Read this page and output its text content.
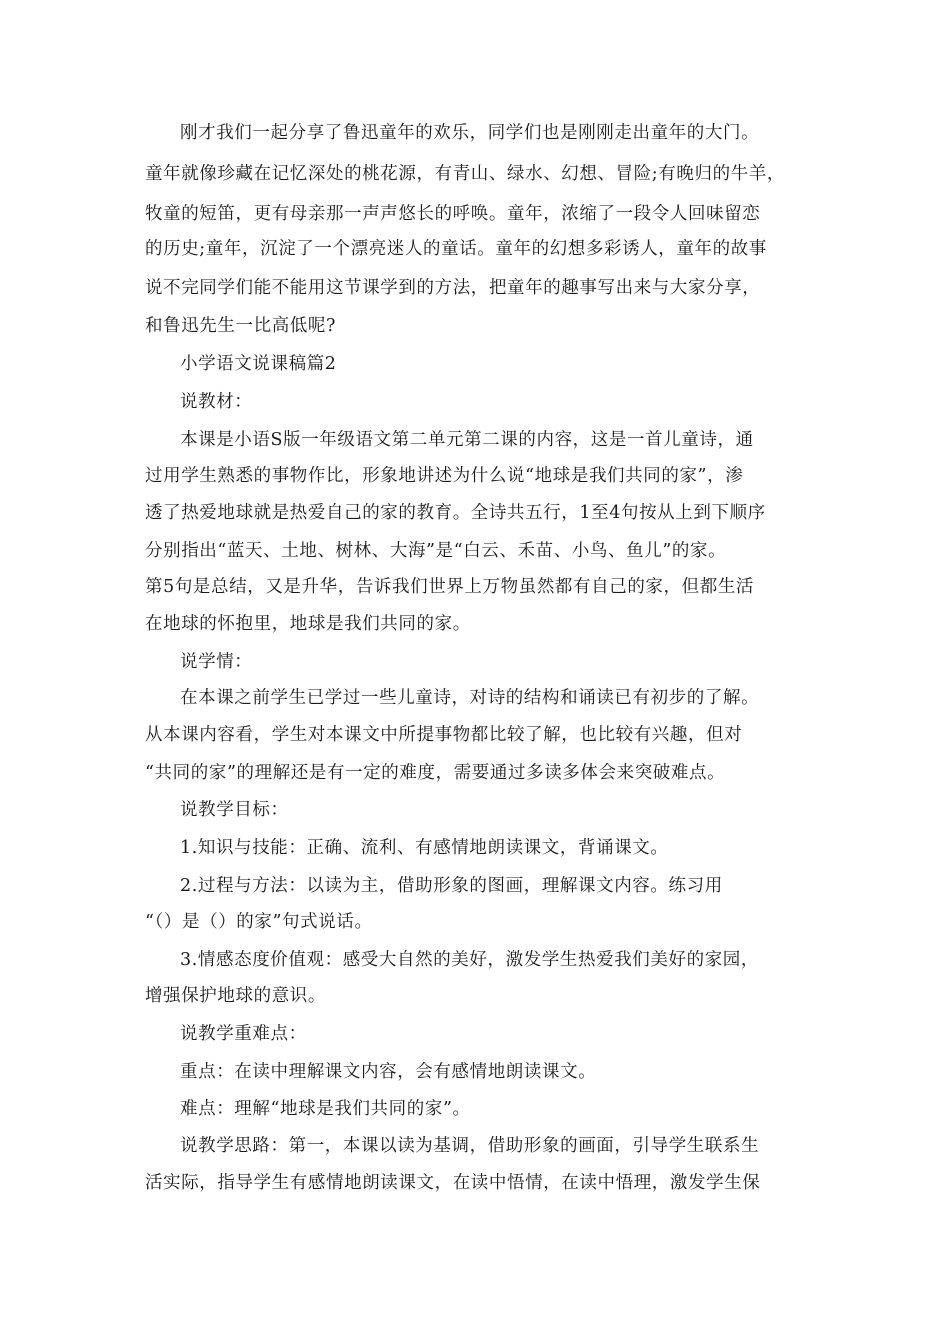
刚才我们一起分享了鲁迅童年的欢乐，同学们也是刚刚走出童年的大门。
童年就像珍藏在记忆深处的桃花源，有青山、绿水、幻想、冒险;有晚归的牛羊，
牧童的短笛，更有母亲那一声声悠长的呼唤。童年，浓缩了一段令人回味留恋
的历史;童年，沉淀了一个漂亮迷人的童话。童年的幻想多彩诱人，童年的故事
说不完同学们能不能用这节课学到的方法，把童年的趣事写出来与大家分享，
和鲁迅先生一比高低呢?
小学语文说课稿篇2
说教材：
本课是小语S版一年级语文第二单元第二课的内容，这是一首儿童诗，通
过用学生熟悉的事物作比，形象地讲述为什么说“地球是我们共同的家”，渗
透了热爱地球就是热爱自己的家的教育。全诗共五行，1至4句按从上到下顺序
分别指出“蓝天、土地、树林、大海”是“白云、禾苗、小鸟、鱼儿”的家。
第5句是总结，又是升华，告诉我们世界上万物虽然都有自己的家，但都生活
在地球的怀抱里，地球是我们共同的家。
说学情：
在本课之前学生已学过一些儿童诗，对诗的结构和诵读已有初步的了解。
从本课内容看，学生对本课文中所提事物都比较了解，也比较有兴趣，但对
“共同的家”的理解还是有一定的难度，需要通过多读多体会来突破难点。
说教学目标：
1.知识与技能：正确、流利、有感情地朗读课文，背诵课文。
2.过程与方法：以读为主，借助形象的图画，理解课文内容。练习用
“（）是（）的家”句式说话。
3.情感态度价值观：感受大自然的美好，激发学生热爱我们美好的家园，
增强保护地球的意识。
说教学重难点：
重点：在读中理解课文内容，会有感情地朗读课文。
难点：理解“地球是我们共同的家”。
说教学思路：第一，本课以读为基调，借助形象的画面，引导学生联系生
活实际，指导学生有感情地朗读课文，在读中悟情，在读中悟理，激发学生保
